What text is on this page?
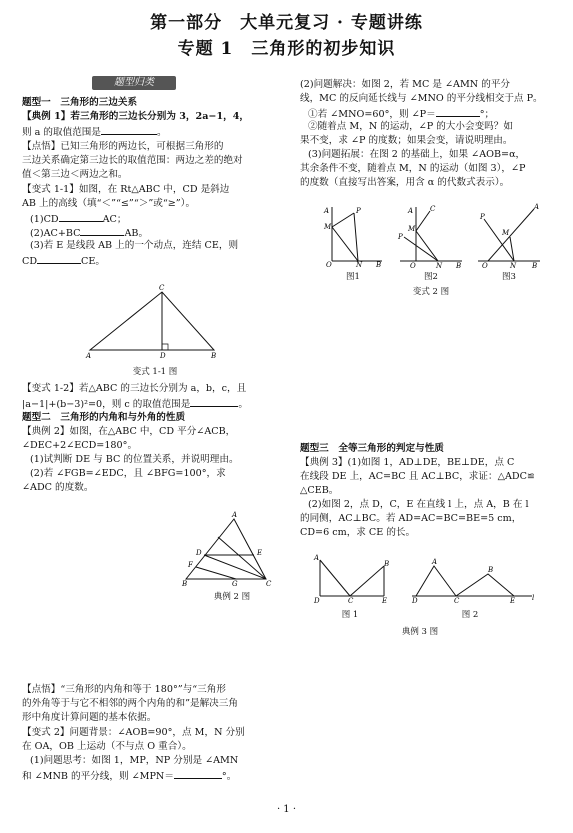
第一部分　大单元复习 · 专题讲练
专题 1　三角形的初步知识
题型归类
题型一　三角形的三边关系
【典例 1】若三角形的三边长分别为 3，2a−1，4，
则 a 的取值范围是	。
【点悟】已知三角形的两边长，可根据三角形的
三边关系确定第三边长的取值范围：两边之差的绝对
值＜第三边＜两边之和。
【变式 1-1】如图，在 Rt△ABC 中，CD 是斜边
AB 上的高线（填“＜”“≤”“＞”或“≥”）。
(1)CD	AC；
(2)AC+BC	AB。
(3)若 E 是线段 AB 上的一个动点，连结 CE，则
CD	CE。
A
C
D	B
变式 1-1 图
【变式 1-2】若△ABC 的三边长分别为 a，b，c，且
|a−1|+(b−3)²=0，则 c 的取值范围是	。
题型二　三角形的内角和与外角的性质
【典例 2】如图，在△ABC 中，CD 平分∠ACB，
∠DEC+2∠ECD=180°。
(1)试判断 DE 与 BC 的位置关系，并说明理由。
(2)若 ∠FGB=∠EDC，且 ∠BFG=100°，求
∠ADC 的度数。
A
D	E
F
B	G	C
典例 2 图
【点悟】“三角形的内角和等于 180°”与“三角形
的外角等于与它不相邻的两个内角的和”是解决三角
形中角度计算问题的基本依据。
【变式 2】问题背景：∠AOB=90°，点 M，N 分别
在 OA，OB 上运动（不与点 O 重合）。
(1)问题思考：如图 1，MP，NP 分别是 ∠AMN
和 ∠MNB 的平分线，则 ∠MPN＝	°。
(2)问题解决：如图 2，若 MC 是 ∠AMN 的平分
线，MC 的反向延长线与 ∠MNO 的平分线相交于点 P。
①若 ∠MNO=60°，则 ∠P＝	°；
②随着点 M，N 的运动，∠P 的大小会变吗？如
果不变，求 ∠P 的度数；如果会变，请说明理由。
(3)问题拓展：在图 2 的基础上，如果 ∠AOB=α，
其余条件不变，随着点 M，N 的运动（如图 3），∠P
的度数（直接写出答案，用含 α 的代数式表示）。
A
M
P
O	N B
A C
M
P
O	N B
P
A
M
O	N B
图1	图2	图3
变式 2 图
题型三　全等三角形的判定与性质
【典例 3】(1)如图 1，AD⊥DE，BE⊥DE，点 C
在线段 DE 上，AC=BC 且 AC⊥BC，求证：△ADC≌
△CEB。
(2)如图 2，点 D，C，E 在直线 l 上，点 A，B 在 l
的同侧，AC⊥BC。若 AD=AC=BC=BE=5 cm，
CD=6 cm，求 CE 的长。
A
B
D	C	E
A
B
D	C	E l
图 1	图 2
典例 3 图
· 1 ·
